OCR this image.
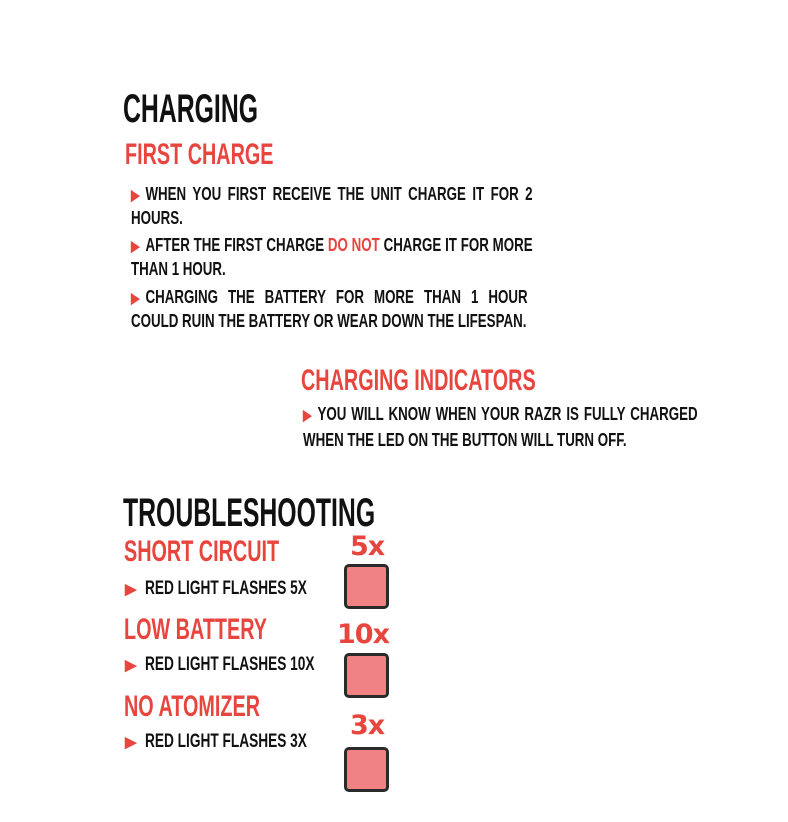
CHARGING
FIRST CHARGE
▶ WHEN YOU FIRST RECEIVE THE UNIT CHARGE IT FOR 2 HOURS.
▶ AFTER THE FIRST CHARGE DO NOT CHARGE IT FOR MORE THAN 1 HOUR.
▶ CHARGING THE BATTERY FOR MORE THAN 1 HOUR COULD RUIN THE BATTERY OR WEAR DOWN THE LIFESPAN.
CHARGING INDICATORS
▶ YOU WILL KNOW WHEN YOUR RAZR IS FULLY CHARGED WHEN THE LED ON THE BUTTON WILL TURN OFF.
TROUBLESHOOTING
SHORT CIRCUIT
▶ RED LIGHT FLASHES 5X
5x
LOW BATTERY
▶ RED LIGHT FLASHES 10X
10x
NO ATOMIZER
▶ RED LIGHT FLASHES 3X
3x
